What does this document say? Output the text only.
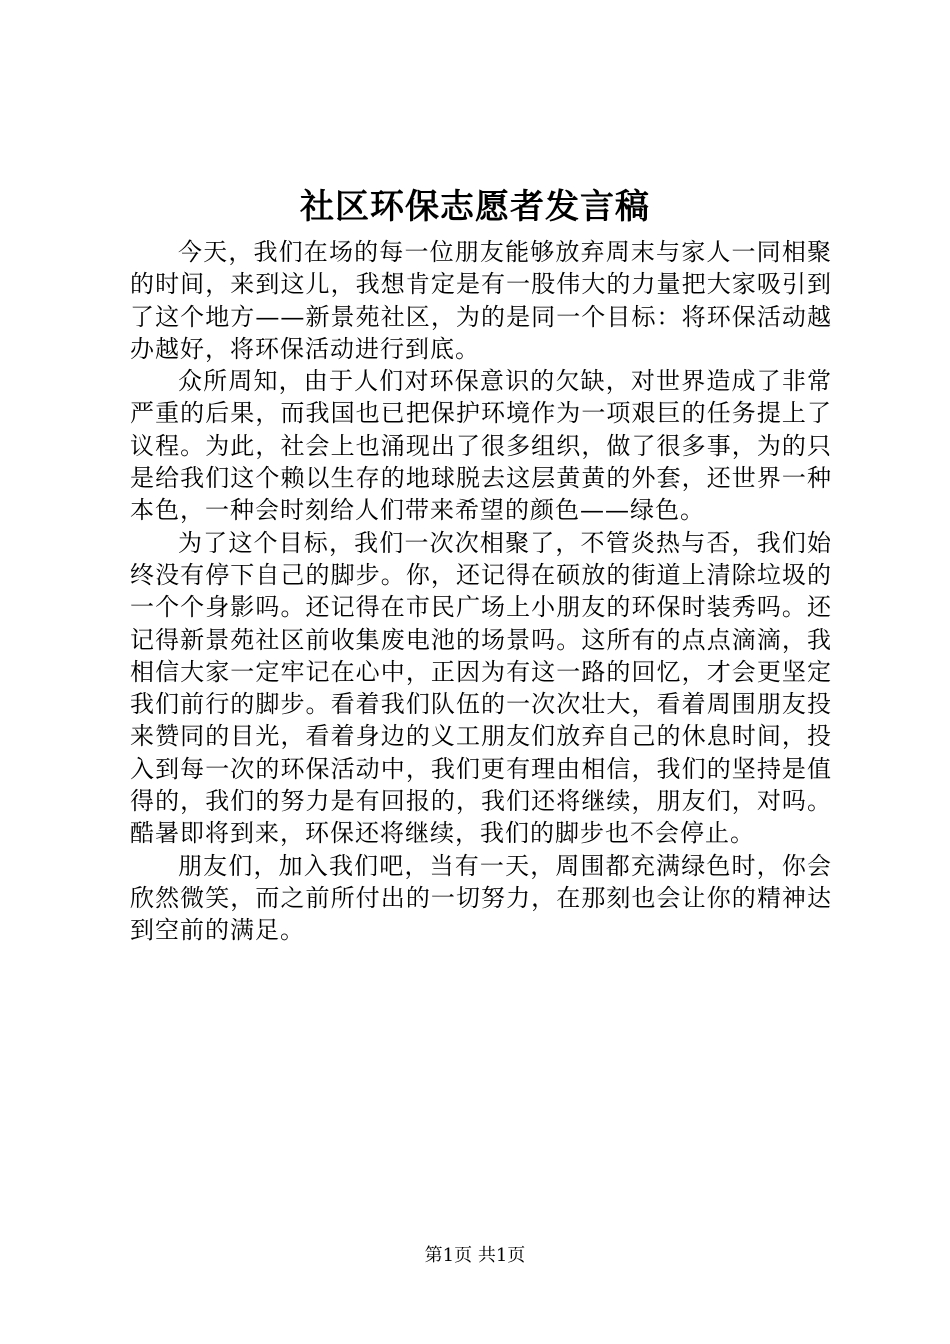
社区环保志愿者发言稿

今天，我们在场的每一位朋友能够放弃周末与家人一同相聚的时间，来到这儿，我想肯定是有一股伟大的力量把大家吸引到了这个地方——新景苑社区，为的是同一个目标：将环保活动越办越好，将环保活动进行到底。

众所周知，由于人们对环保意识的欠缺，对世界造成了非常严重的后果，而我国也已把保护环境作为一项艰巨的任务提上了议程。为此，社会上也涌现出了很多组织，做了很多事，为的只是给我们这个赖以生存的地球脱去这层黄黄的外套，还世界一种本色，一种会时刻给人们带来希望的颜色——绿色。

为了这个目标，我们一次次相聚了，不管炎热与否，我们始终没有停下自己的脚步。你，还记得在硕放的街道上清除垃圾的一个个身影吗。还记得在市民广场上小朋友的环保时装秀吗。还记得新景苑社区前收集废电池的场景吗。这所有的点点滴滴，我相信大家一定牢记在心中，正因为有这一路的回忆，才会更坚定我们前行的脚步。看着我们队伍的一次次壮大，看着周围朋友投来赞同的目光，看着身边的义工朋友们放弃自己的休息时间，投入到每一次的环保活动中，我们更有理由相信，我们的坚持是值得的，我们的努力是有回报的，我们还将继续，朋友们，对吗。酷暑即将到来，环保还将继续，我们的脚步也不会停止。

朋友们，加入我们吧，当有一天，周围都充满绿色时，你会欣然微笑，而之前所付出的一切努力，在那刻也会让你的精神达到空前的满足。

第1页 共1页
